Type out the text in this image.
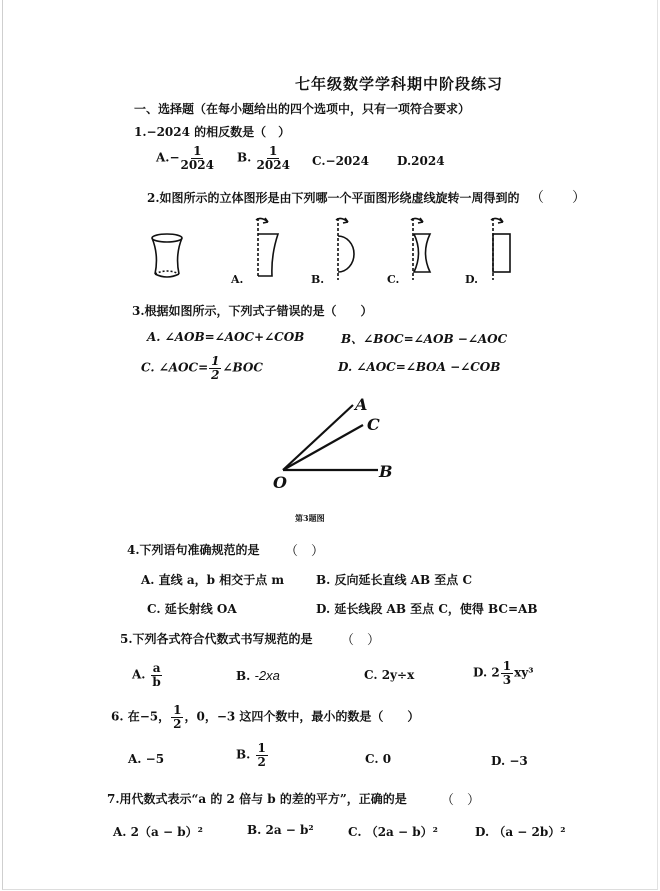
七年级数学学科期中阶段练习
一、选择题（在每小题给出的四个选项中，只有一项符合要求）
1.−2024 的相反数是（　）
$A.- \frac{1}{2024} B$. $\frac{1}{2024} C.-2024$ D.2024
2.如图所示的立体图形是由下列哪一个平面图形绕虚线旋转一周得到的 （　　）
A.	B.	C.	D.
3.根据如图所示，下列式子错误的是（　　）
A. ∠AOB=∠AOC+∠COB	B、∠BOC=∠AOB −∠AOC
C. ∠AOC= $\frac{1}{2}$ ∠BOC	D. ∠AOC=∠BOA −∠COB
A
C
B
O
第3题图
4.下列语句准确规范的是 （　）
A. 直线 a，b 相交于点 m	B. 反向延长直线 AB 至点 C
C. 延长射线 OA	D. 延长线段 AB 至点 C，使得 BC=AB
5.下列各式符合代数式书写规范的是 （　）
A. $\frac{a}{b}$	B. -2xa	C. 2y÷x	D. $2 \frac{1}{3} xy^3$
6. 在−5， $\frac{1}{2}$ ，0，−3 这四个数中，最小的数是（　　）
A. −5	B. $\frac{1}{2}$	C. 0	D. −3
7.用代数式表示“a 的 2 倍与 b 的差的平方”，正确的是	（　）
A. 2（a − b）²	B. 2a − b²	C. （2a − b）²	D. （a − 2b）²
